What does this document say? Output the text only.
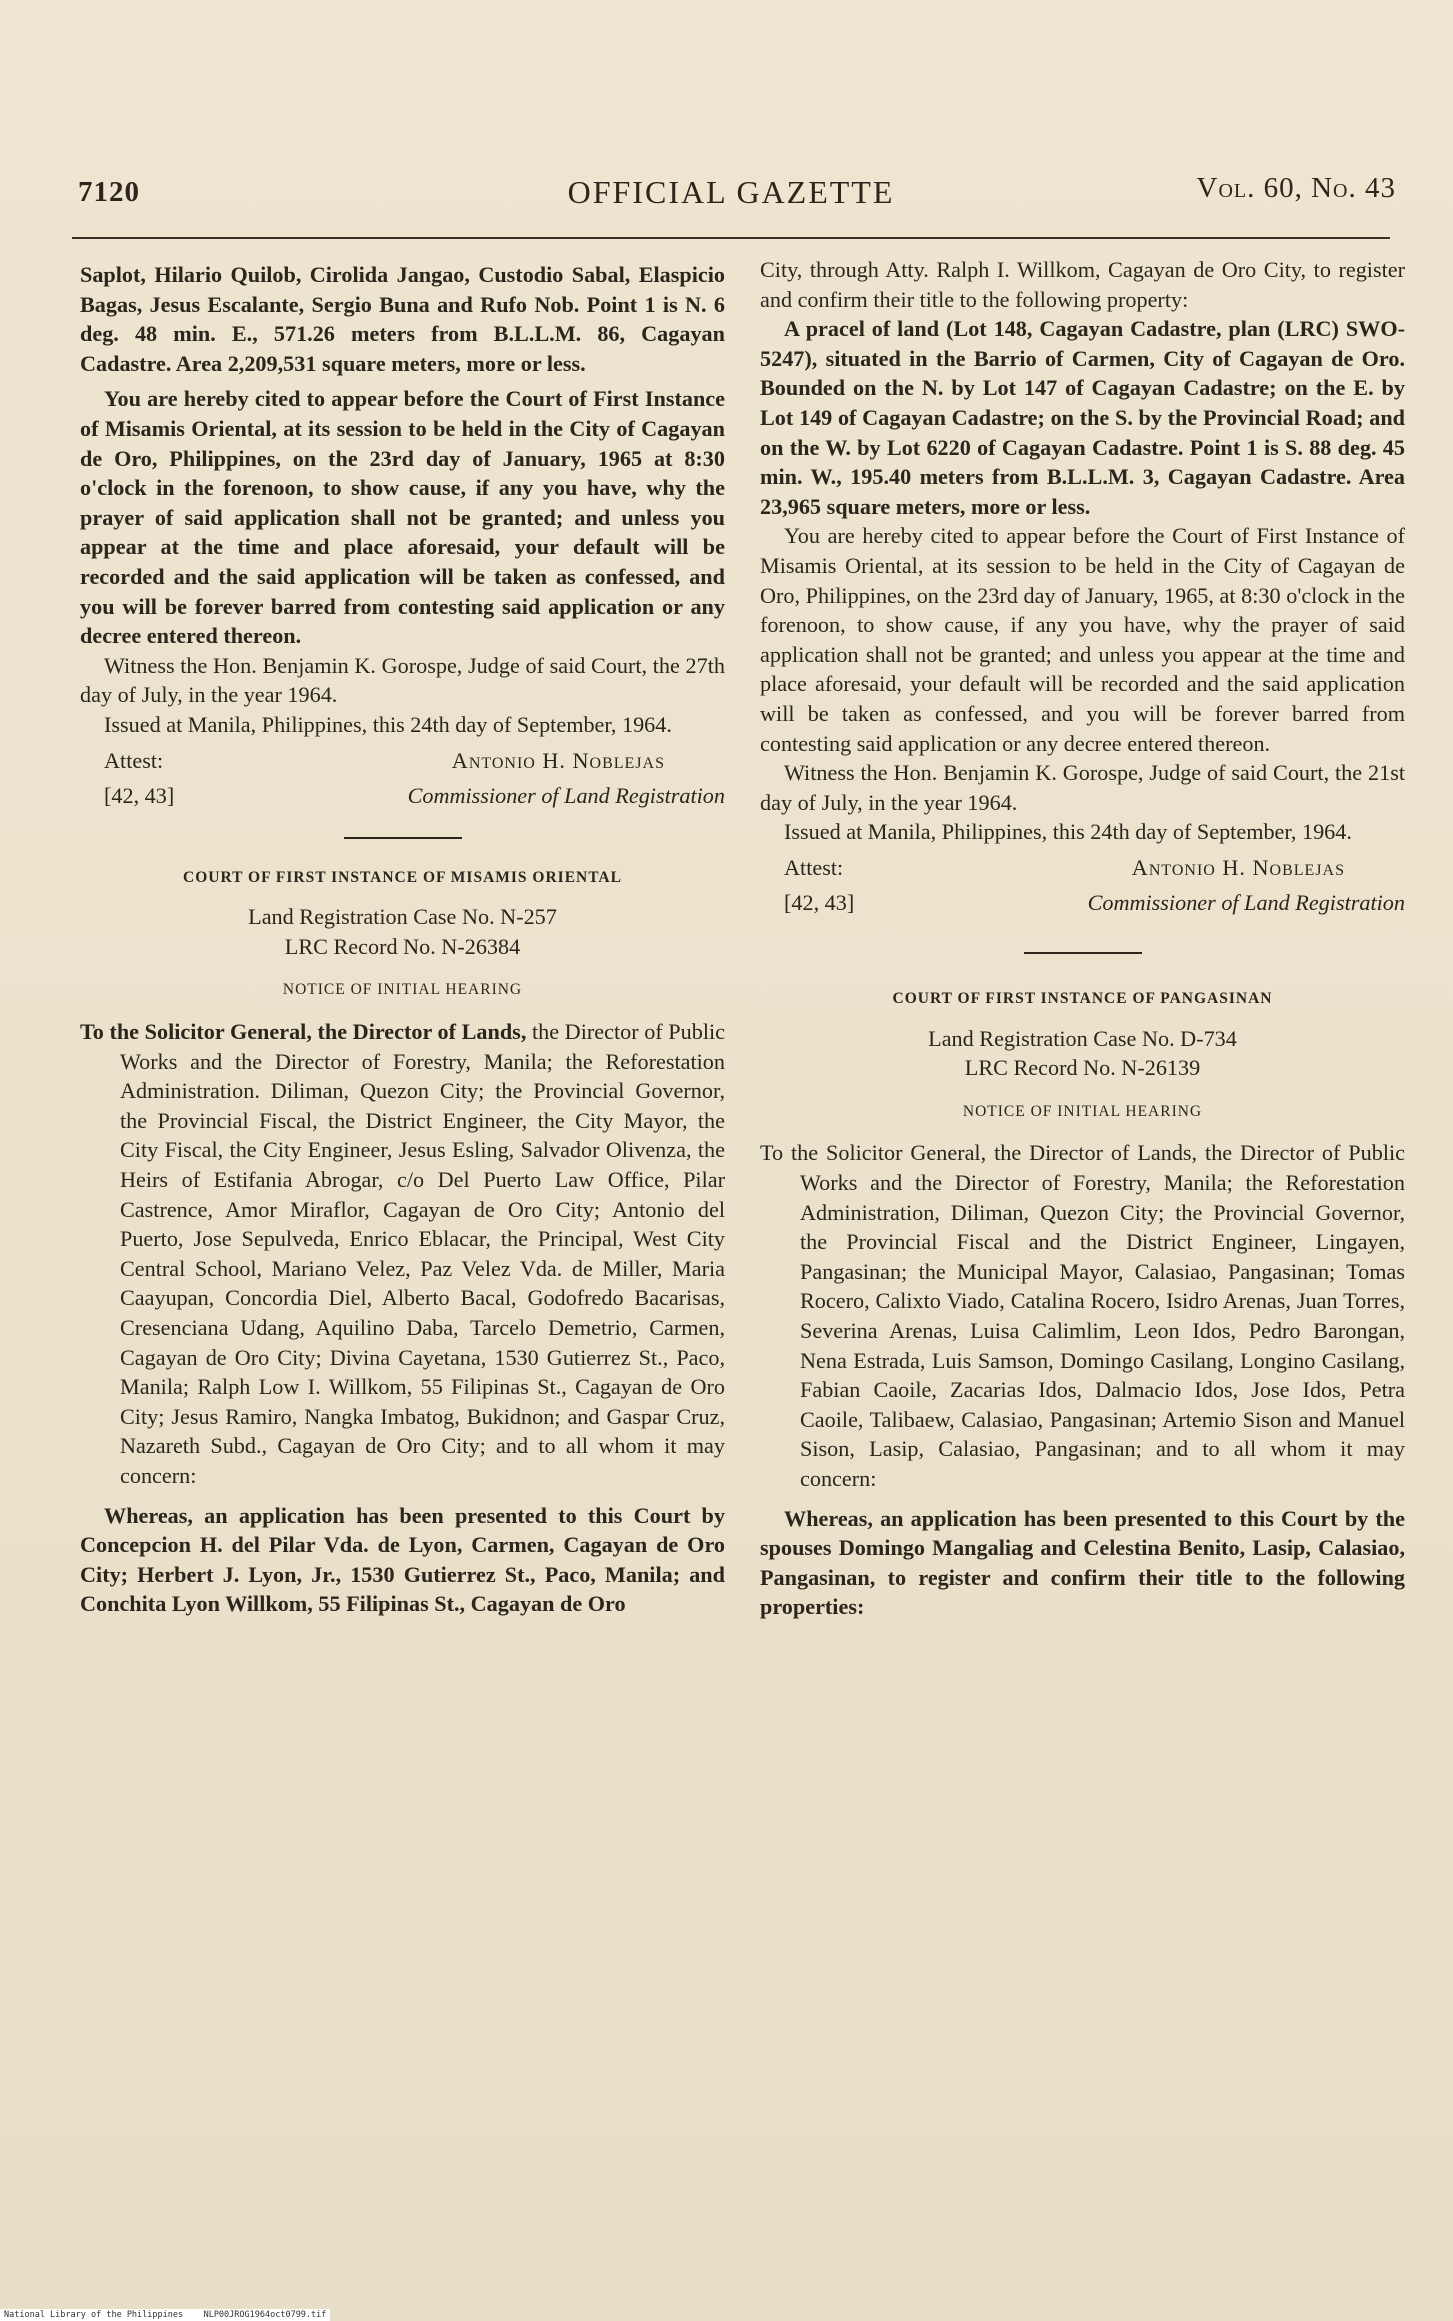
7120	OFFICIAL GAZETTE	Vol. 60, No. 43

Saplot, Hilario Quilob, Cirolida Jangao, Custodio Sabal, Elaspicio Bagas, Jesus Escalante, Sergio Buna and Rufo Nob. Point 1 is N. 6 deg. 48 min. E., 571.26 meters from B.L.L.M. 86, Cagayan Cadastre. Area 2,209,531 square meters, more or less.

You are hereby cited to appear before the Court of First Instance of Misamis Oriental, at its session to be held in the City of Cagayan de Oro, Philippines, on the 23rd day of January, 1965 at 8:30 o'clock in the forenoon, to show cause, if any you have, why the prayer of said application shall not be granted; and unless you appear at the time and place aforesaid, your default will be recorded and the said application will be taken as confessed, and you will be forever barred from contesting said application or any decree entered thereon.

Witness the Hon. Benjamin K. Gorospe, Judge of said Court, the 27th day of July, in the year 1964.

Issued at Manila, Philippines, this 24th day of September, 1964.

Attest:	Antonio H. Noblejas
[42, 43]	Commissioner of Land Registration
COURT OF FIRST INSTANCE OF MISAMIS ORIENTAL
Land Registration Case No. N-257
LRC Record No. N-26384
NOTICE OF INITIAL HEARING
To the Solicitor General, the Director of Lands, the Director of Public Works and the Director of Forestry, Manila; the Reforestation Administration. Diliman, Quezon City; the Provincial Governor, the Provincial Fiscal, the District Engineer, the City Mayor, the City Fiscal, the City Engineer, Jesus Esling, Salvador Olivenza, the Heirs of Estifania Abrogar, c/o Del Puerto Law Office, Pilar Castrence, Amor Miraflor, Cagayan de Oro City; Antonio del Puerto, Jose Sepulveda, Enrico Eblacar, the Principal, West City Central School, Mariano Velez, Paz Velez Vda. de Miller, Maria Caayupan, Concordia Diel, Alberto Bacal, Godofredo Bacarisas, Cresenciana Udang, Aquilino Daba, Tarcelo Demetrio, Carmen, Cagayan de Oro City; Divina Cayetana, 1530 Gutierrez St., Paco, Manila; Ralph Low I. Willkom, 55 Filipinas St., Cagayan de Oro City; Jesus Ramiro, Nangka Imbatog, Bukidnon; and Gaspar Cruz, Nazareth Subd., Cagayan de Oro City; and to all whom it may concern:

Whereas, an application has been presented to this Court by Concepcion H. del Pilar Vda. de Lyon, Carmen, Cagayan de Oro City; Herbert J. Lyon, Jr., 1530 Gutierrez St., Paco, Manila; and Conchita Lyon Willkom, 55 Filipinas St., Cagayan de Oro

City, through Atty. Ralph I. Willkom, Cagayan de Oro City, to register and confirm their title to the following property:

A pracel of land (Lot 148, Cagayan Cadastre, plan (LRC) SWO-5247), situated in the Barrio of Carmen, City of Cagayan de Oro. Bounded on the N. by Lot 147 of Cagayan Cadastre; on the E. by Lot 149 of Cagayan Cadastre; on the S. by the Provincial Road; and on the W. by Lot 6220 of Cagayan Cadastre. Point 1 is S. 88 deg. 45 min. W., 195.40 meters from B.L.L.M. 3, Cagayan Cadastre. Area 23,965 square meters, more or less.

You are hereby cited to appear before the Court of First Instance of Misamis Oriental, at its session to be held in the City of Cagayan de Oro, Philippines, on the 23rd day of January, 1965, at 8:30 o'clock in the forenoon, to show cause, if any you have, why the prayer of said application shall not be granted; and unless you appear at the time and place aforesaid, your default will be recorded and the said application will be taken as confessed, and you will be forever barred from contesting said application or any decree entered thereon.

Witness the Hon. Benjamin K. Gorospe, Judge of said Court, the 21st day of July, in the year 1964.

Issued at Manila, Philippines, this 24th day of September, 1964.

Attest:	Antonio H. Noblejas
[42, 43]	Commissioner of Land Registration
COURT OF FIRST INSTANCE OF PANGASINAN
Land Registration Case No. D-734
LRC Record No. N-26139
NOTICE OF INITIAL HEARING
To the Solicitor General, the Director of Lands, the Director of Public Works and the Director of Forestry, Manila; the Reforestation Administration, Diliman, Quezon City; the Provincial Governor, the Provincial Fiscal and the District Engineer, Lingayen, Pangasinan; the Municipal Mayor, Calasiao, Pangasinan; Tomas Rocero, Calixto Viado, Catalina Rocero, Isidro Arenas, Juan Torres, Severina Arenas, Luisa Calimlim, Leon Idos, Pedro Barongan, Nena Estrada, Luis Samson, Domingo Casilang, Longino Casilang, Fabian Caoile, Zacarias Idos, Dalmacio Idos, Jose Idos, Petra Caoile, Talibaew, Calasiao, Pangasinan; Artemio Sison and Manuel Sison, Lasip, Calasiao, Pangasinan; and to all whom it may concern:

Whereas, an application has been presented to this Court by the spouses Domingo Mangaliag and Celestina Benito, Lasip, Calasiao, Pangasinan, to register and confirm their title to the following properties:

National Library of the Philippines    NLP00JROG1964oct0799.tif
